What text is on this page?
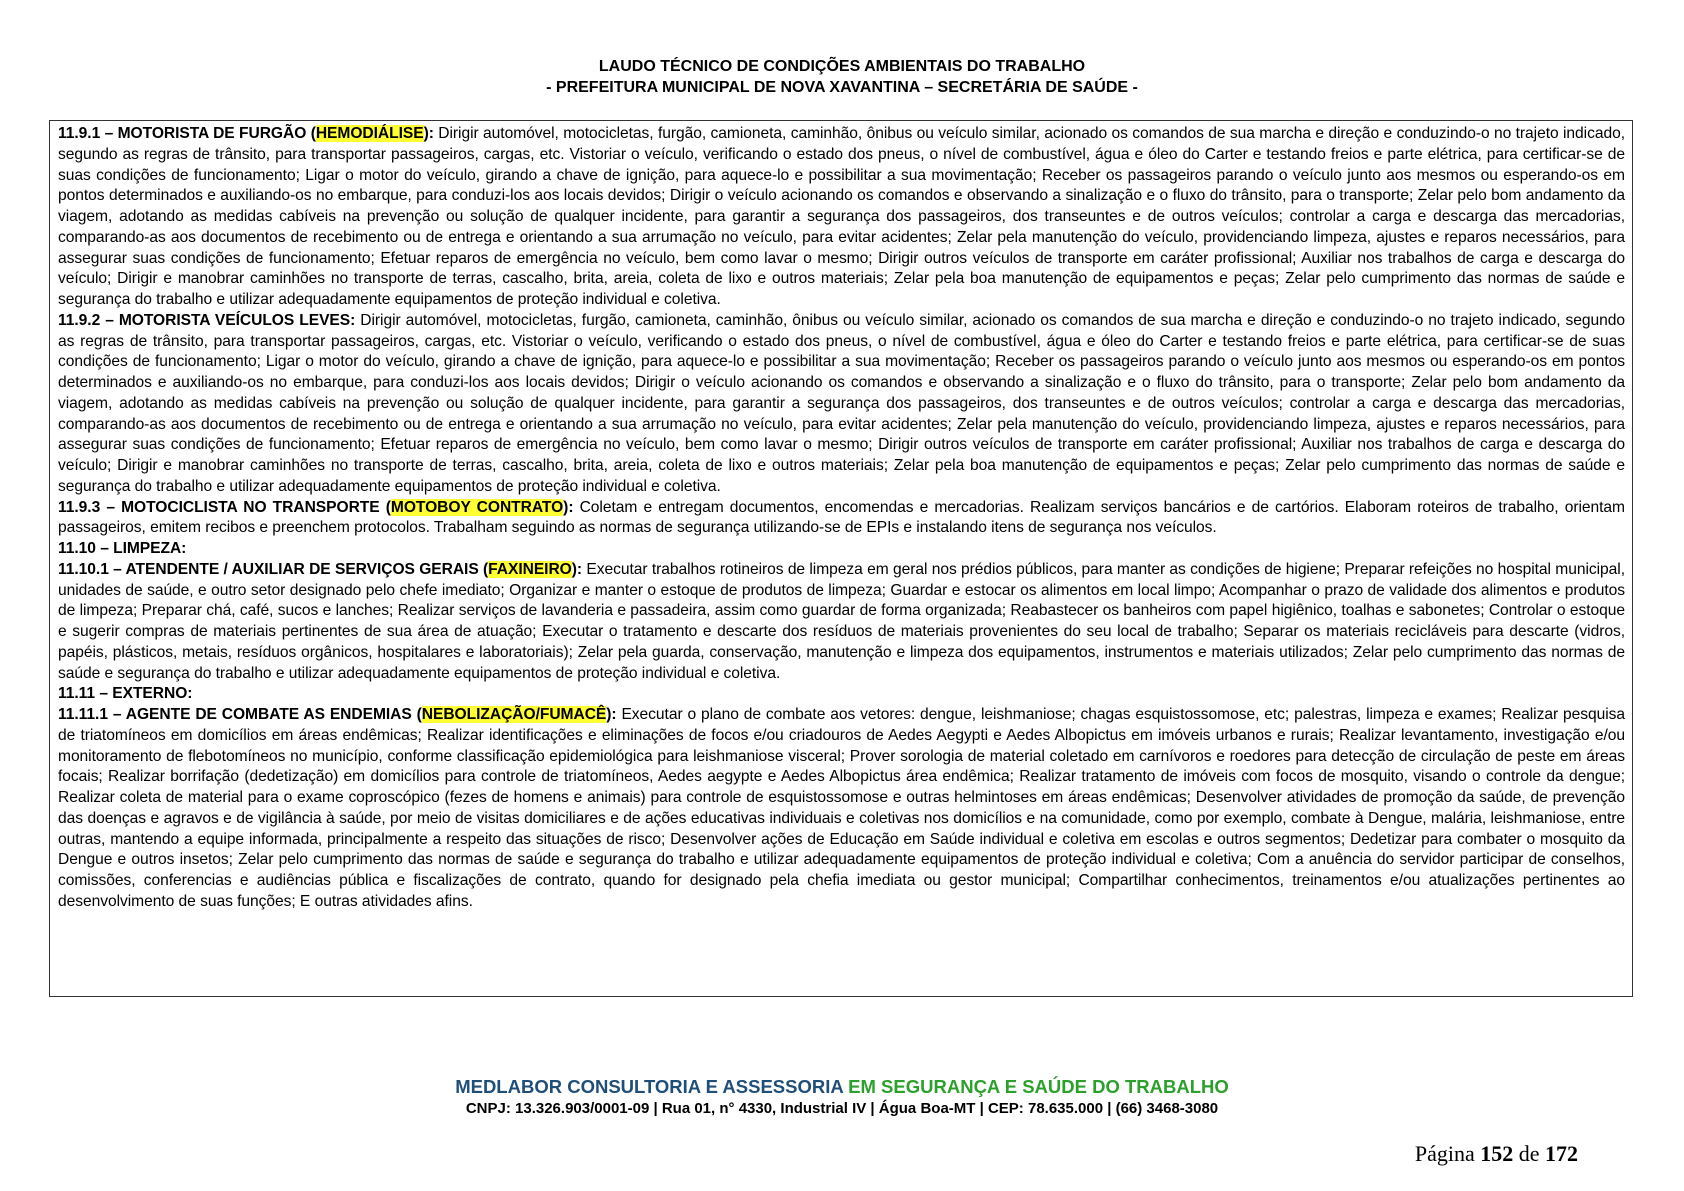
LAUDO TÉCNICO DE CONDIÇÕES AMBIENTAIS DO TRABALHO
- PREFEITURA MUNICIPAL DE NOVA XAVANTINA – SECRETÁRIA DE SAÚDE -

11.9.1 – MOTORISTA DE FURGÃO (HEMODIÁLISE): Dirigir automóvel, motocicletas, furgão, camioneta, caminhão, ônibus ou veículo similar, acionado os comandos de sua marcha e direção e conduzindo-o no trajeto indicado, segundo as regras de trânsito, para transportar passageiros, cargas, etc. Vistoriar o veículo, verificando o estado dos pneus, o nível de combustível, água e óleo do Carter e testando freios e parte elétrica, para certificar-se de suas condições de funcionamento; Ligar o motor do veículo, girando a chave de ignição, para aquece-lo e possibilitar a sua movimentação; Receber os passageiros parando o veículo junto aos mesmos ou esperando-os em pontos determinados e auxiliando-os no embarque, para conduzi-los aos locais devidos; Dirigir o veículo acionando os comandos e observando a sinalização e o fluxo do trânsito, para o transporte; Zelar pelo bom andamento da viagem, adotando as medidas cabíveis na prevenção ou solução de qualquer incidente, para garantir a segurança dos passageiros, dos transeuntes e de outros veículos; controlar a carga e descarga das mercadorias, comparando-as aos documentos de recebimento ou de entrega e orientando a sua arrumação no veículo, para evitar acidentes; Zelar pela manutenção do veículo, providenciando limpeza, ajustes e reparos necessários, para assegurar suas condições de funcionamento; Efetuar reparos de emergência no veículo, bem como lavar o mesmo; Dirigir outros veículos de transporte em caráter profissional; Auxiliar nos trabalhos de carga e descarga do veículo; Dirigir e manobrar caminhões no transporte de terras, cascalho, brita, areia, coleta de lixo e outros materiais; Zelar pela boa manutenção de equipamentos e peças; Zelar pelo cumprimento das normas de saúde e segurança do trabalho e utilizar adequadamente equipamentos de proteção individual e coletiva.

11.9.2 – MOTORISTA VEÍCULOS LEVES: Dirigir automóvel, motocicletas, furgão, camioneta, caminhão, ônibus ou veículo similar, acionado os comandos de sua marcha e direção e conduzindo-o no trajeto indicado, segundo as regras de trânsito, para transportar passageiros, cargas, etc. Vistoriar o veículo, verificando o estado dos pneus, o nível de combustível, água e óleo do Carter e testando freios e parte elétrica, para certificar-se de suas condições de funcionamento; Ligar o motor do veículo, girando a chave de ignição, para aquece-lo e possibilitar a sua movimentação; Receber os passageiros parando o veículo junto aos mesmos ou esperando-os em pontos determinados e auxiliando-os no embarque, para conduzi-los aos locais devidos; Dirigir o veículo acionando os comandos e observando a sinalização e o fluxo do trânsito, para o transporte; Zelar pelo bom andamento da viagem, adotando as medidas cabíveis na prevenção ou solução de qualquer incidente, para garantir a segurança dos passageiros, dos transeuntes e de outros veículos; controlar a carga e descarga das mercadorias, comparando-as aos documentos de recebimento ou de entrega e orientando a sua arrumação no veículo, para evitar acidentes; Zelar pela manutenção do veículo, providenciando limpeza, ajustes e reparos necessários, para assegurar suas condições de funcionamento; Efetuar reparos de emergência no veículo, bem como lavar o mesmo; Dirigir outros veículos de transporte em caráter profissional; Auxiliar nos trabalhos de carga e descarga do veículo; Dirigir e manobrar caminhões no transporte de terras, cascalho, brita, areia, coleta de lixo e outros materiais; Zelar pela boa manutenção de equipamentos e peças; Zelar pelo cumprimento das normas de saúde e segurança do trabalho e utilizar adequadamente equipamentos de proteção individual e coletiva.

11.9.3 – MOTOCICLISTA NO TRANSPORTE (MOTOBOY CONTRATO): Coletam e entregam documentos, encomendas e mercadorias. Realizam serviços bancários e de cartórios. Elaboram roteiros de trabalho, orientam passageiros, emitem recibos e preenchem protocolos. Trabalham seguindo as normas de segurança utilizando-se de EPIs e instalando itens de segurança nos veículos.

11.10 – LIMPEZA:

11.10.1 – ATENDENTE / AUXILIAR DE SERVIÇOS GERAIS (FAXINEIRO): Executar trabalhos rotineiros de limpeza em geral nos prédios públicos, para manter as condições de higiene; Preparar refeições no hospital municipal, unidades de saúde, e outro setor designado pelo chefe imediato; Organizar e manter o estoque de produtos de limpeza; Guardar e estocar os alimentos em local limpo; Acompanhar o prazo de validade dos alimentos e produtos de limpeza; Preparar chá, café, sucos e lanches; Realizar serviços de lavanderia e passadeira, assim como guardar de forma organizada; Reabastecer os banheiros com papel higiênico, toalhas e sabonetes; Controlar o estoque e sugerir compras de materiais pertinentes de sua área de atuação; Executar o tratamento e descarte dos resíduos de materiais provenientes do seu local de trabalho; Separar os materiais recicláveis para descarte (vidros, papéis, plásticos, metais, resíduos orgânicos, hospitalares e laboratoriais); Zelar pela guarda, conservação, manutenção e limpeza dos equipamentos, instrumentos e materiais utilizados; Zelar pelo cumprimento das normas de saúde e segurança do trabalho e utilizar adequadamente equipamentos de proteção individual e coletiva.

11.11 – EXTERNO:

11.11.1 – AGENTE DE COMBATE AS ENDEMIAS (NEBOLIZAÇÃO/FUMACÊ): Executar o plano de combate aos vetores: dengue, leishmaniose; chagas esquistossomose, etc; palestras, limpeza e exames; Realizar pesquisa de triatomíneos em domicílios em áreas endêmicas; Realizar identificações e eliminações de focos e/ou criadouros de Aedes Aegypti e Aedes Albopictus em imóveis urbanos e rurais; Realizar levantamento, investigação e/ou monitoramento de flebotomíneos no município, conforme classificação epidemiológica para leishmaniose visceral; Prover sorologia de material coletado em carnívoros e roedores para detecção de circulação de peste em áreas focais; Realizar borrifação (dedetização) em domicílios para controle de triatomíneos, Aedes aegypte e Aedes Albopictus área endêmica; Realizar tratamento de imóveis com focos de mosquito, visando o controle da dengue; Realizar coleta de material para o exame coproscópico (fezes de homens e animais) para controle de esquistossomose e outras helmintoses em áreas endêmicas; Desenvolver atividades de promoção da saúde, de prevenção das doenças e agravos e de vigilância à saúde, por meio de visitas domiciliares e de ações educativas individuais e coletivas nos domicílios e na comunidade, como por exemplo, combate à Dengue, malária, leishmaniose, entre outras, mantendo a equipe informada, principalmente a respeito das situações de risco; Desenvolver ações de Educação em Saúde individual e coletiva em escolas e outros segmentos; Dedetizar para combater o mosquito da Dengue e outros insetos; Zelar pelo cumprimento das normas de saúde e segurança do trabalho e utilizar adequadamente equipamentos de proteção individual e coletiva; Com a anuência do servidor participar de conselhos, comissões, conferencias e audiências pública e fiscalizações de contrato, quando for designado pela chefia imediata ou gestor municipal; Compartilhar conhecimentos, treinamentos e/ou atualizações pertinentes ao desenvolvimento de suas funções; E outras atividades afins.

MEDLABOR CONSULTORIA E ASSESSORIA EM SEGURANÇA E SAÚDE DO TRABALHO
CNPJ: 13.326.903/0001-09 | Rua 01, n° 4330, Industrial IV | Água Boa-MT | CEP: 78.635.000 | (66) 3468-3080
Página 152 de 172
